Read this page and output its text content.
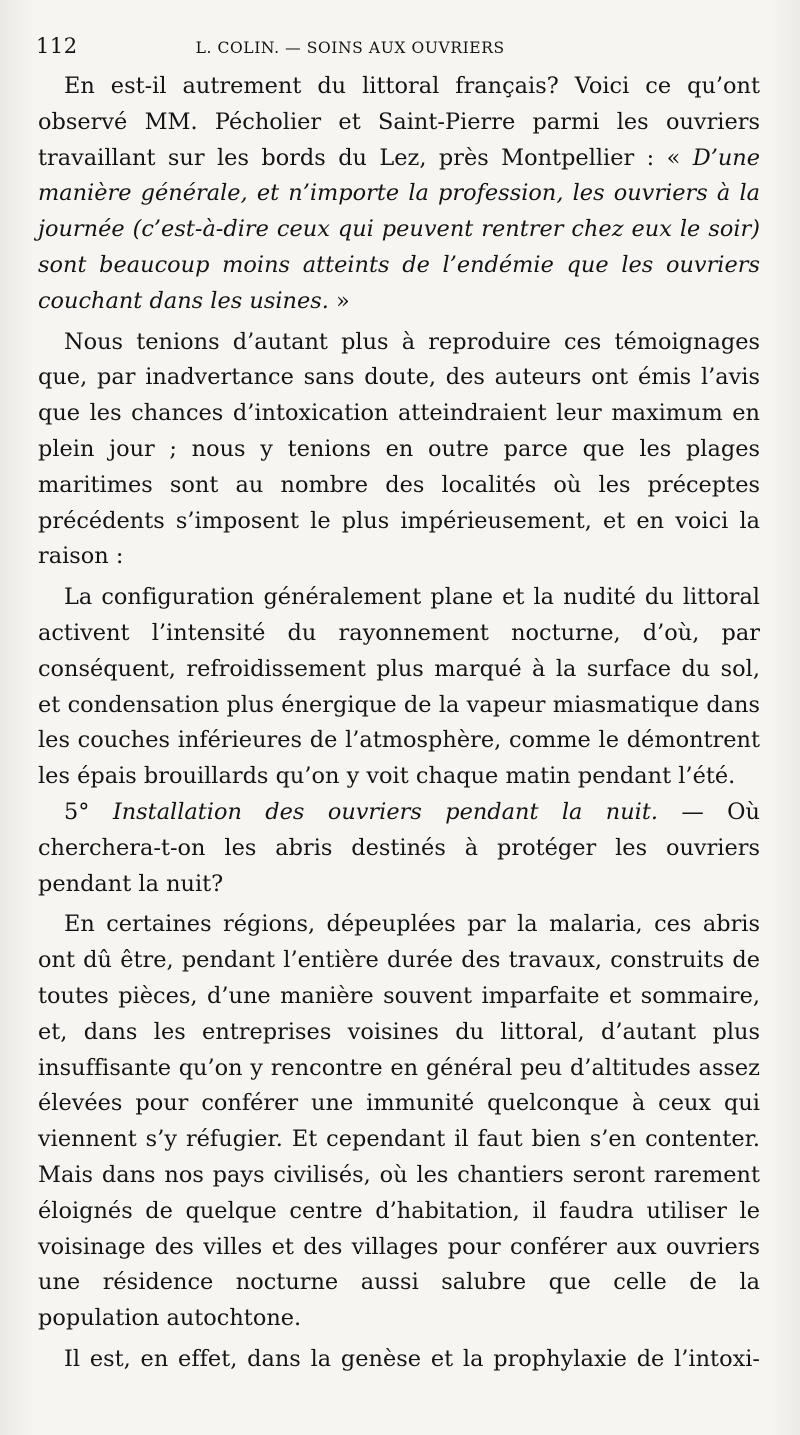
112	L. COLIN. — SOINS AUX OUVRIERS

En est-il autrement du littoral français? Voici ce qu’ont observé MM. Pécholier et Saint-Pierre parmi les ouvriers travaillant sur les bords du Lez, près Montpellier : « D’une manière générale, et n’importe la profession, les ouvriers à la journée (c’est-à-dire ceux qui peuvent rentrer chez eux le soir) sont beaucoup moins atteints de l’endémie que les ouvriers couchant dans les usines. »

Nous tenions d’autant plus à reproduire ces témoignages que, par inadvertance sans doute, des auteurs ont émis l’avis que les chances d’intoxication atteindraient leur maximum en plein jour ; nous y tenions en outre parce que les plages maritimes sont au nombre des localités où les préceptes précédents s’imposent le plus impérieusement, et en voici la raison :

La configuration généralement plane et la nudité du littoral activent l’intensité du rayonnement nocturne, d’où, par conséquent, refroidissement plus marqué à la surface du sol, et condensation plus énergique de la vapeur miasmatique dans les couches inférieures de l’atmosphère, comme le démontrent les épais brouillards qu’on y voit chaque matin pendant l’été.

5° Installation des ouvriers pendant la nuit. — Où cherchera-t-on les abris destinés à protéger les ouvriers pendant la nuit?

En certaines régions, dépeuplées par la malaria, ces abris ont dû être, pendant l’entière durée des travaux, construits de toutes pièces, d’une manière souvent imparfaite et sommaire, et, dans les entreprises voisines du littoral, d’autant plus insuffisante qu’on y rencontre en général peu d’altitudes assez élevées pour conférer une immunité quelconque à ceux qui viennent s’y réfugier. Et cependant il faut bien s’en contenter. Mais dans nos pays civilisés, où les chantiers seront rarement éloignés de quelque centre d’habitation, il faudra utiliser le voisinage des villes et des villages pour conférer aux ouvriers une résidence nocturne aussi salubre que celle de la population autochtone.

Il est, en effet, dans la genèse et la prophylaxie de l’intoxi-
